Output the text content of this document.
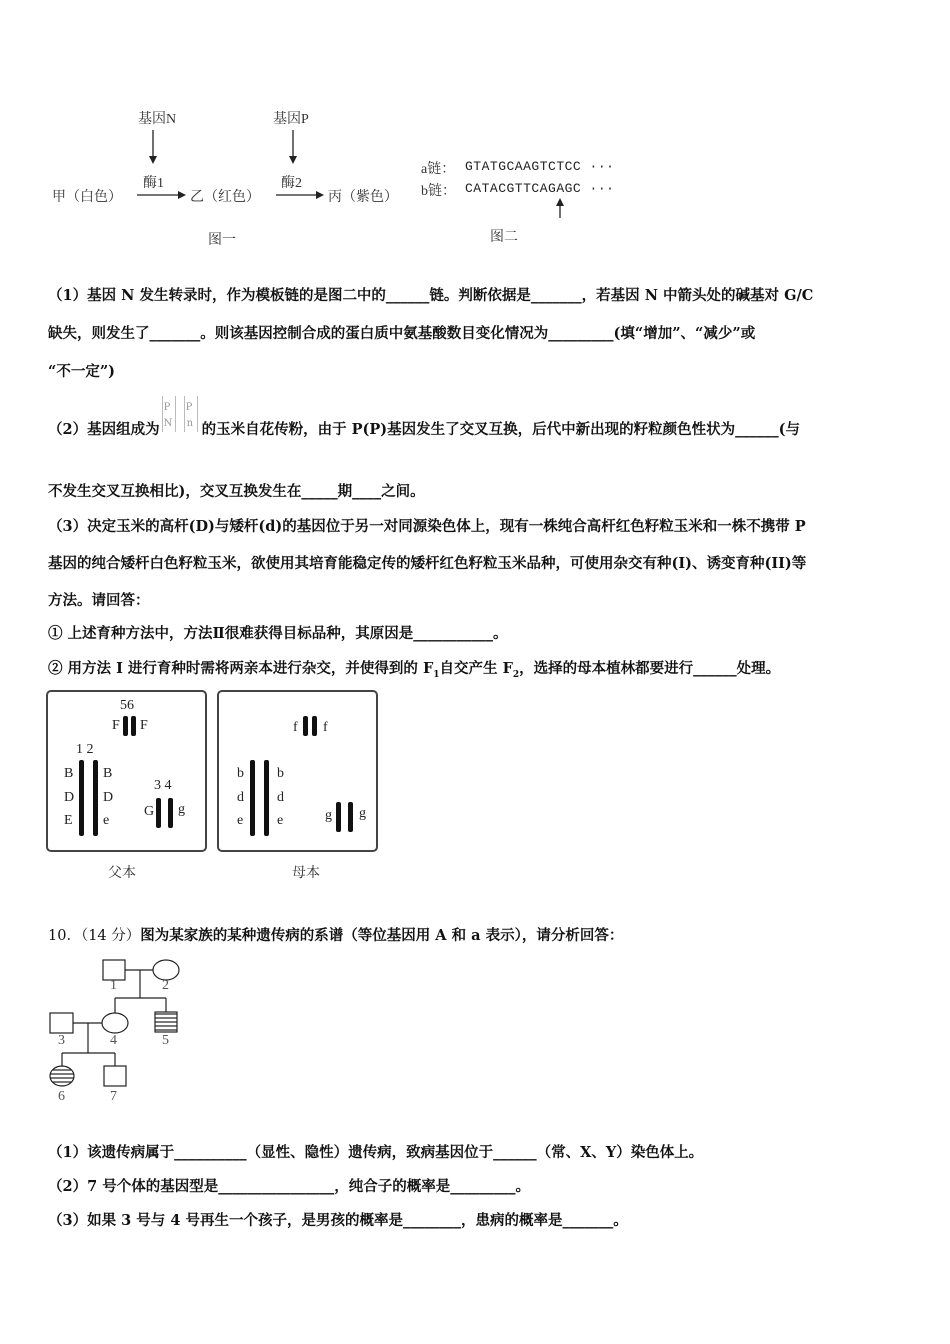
基因N	基因P
酶1	酶2
甲（白色）	乙（红色）	丙（紫色）
图一
a链： GTATGCAAGTCTCC ···
b链： CATACGTTCAGAGC ···
图二
（1）基因 N 发生转录时，作为模板链的是图二中的______链。判断依据是_______，若基因 N 中箭头处的碱基对 G/C
缺失，则发生了_______。则该基因控制合成的蛋白质中氨基酸数目变化情况为_________(填“增加”、“减少”或
“不一定”)
（2）基因组成为
P
N
P
n 的玉米自花传粉，由于 P(P)基因发生了交叉互换，后代中新出现的籽粒颜色性状为______(与
不发生交叉互换相比)，交叉互换发生在_____期____之间。
（3）决定玉米的高杆(D)与矮杆(d)的基因位于另一对同源染色体上，现有一株纯合高杆红色籽粒玉米和一株不携带 P
基因的纯合矮杆白色籽粒玉米，欲使用其培育能稳定传的矮杆红色籽粒玉米品种，可使用杂交有种(I)、诱变育种(II)等
方法。请回答：
① 上述育种方法中，方法Ⅱ很难获得目标品种，其原因是___________。
② 用方法 I 进行育种时需将两亲本进行杂交，并使得到的 $F_1$自交产生 $F_2$，选择的母本植林都要进行______处理。
56
F F
1 2
B
D
E
B
D
e
3 4
G g
父本
f f
b
d
e
b
d
e	g g
母本
10．（14 分）图为某家族的某种遗传病的系谱（等位基因用 A 和 a 表示），请分析回答：
1	2
3	4	5
6	7
（1）该遗传病属于__________（显性、隐性）遗传病，致病基因位于______（常、X、Y）染色体上。
（2）7 号个体的基因型是________________，纯合子的概率是_________。
（3）如果 3 号与 4 号再生一个孩子，是男孩的概率是________，患病的概率是_______。
